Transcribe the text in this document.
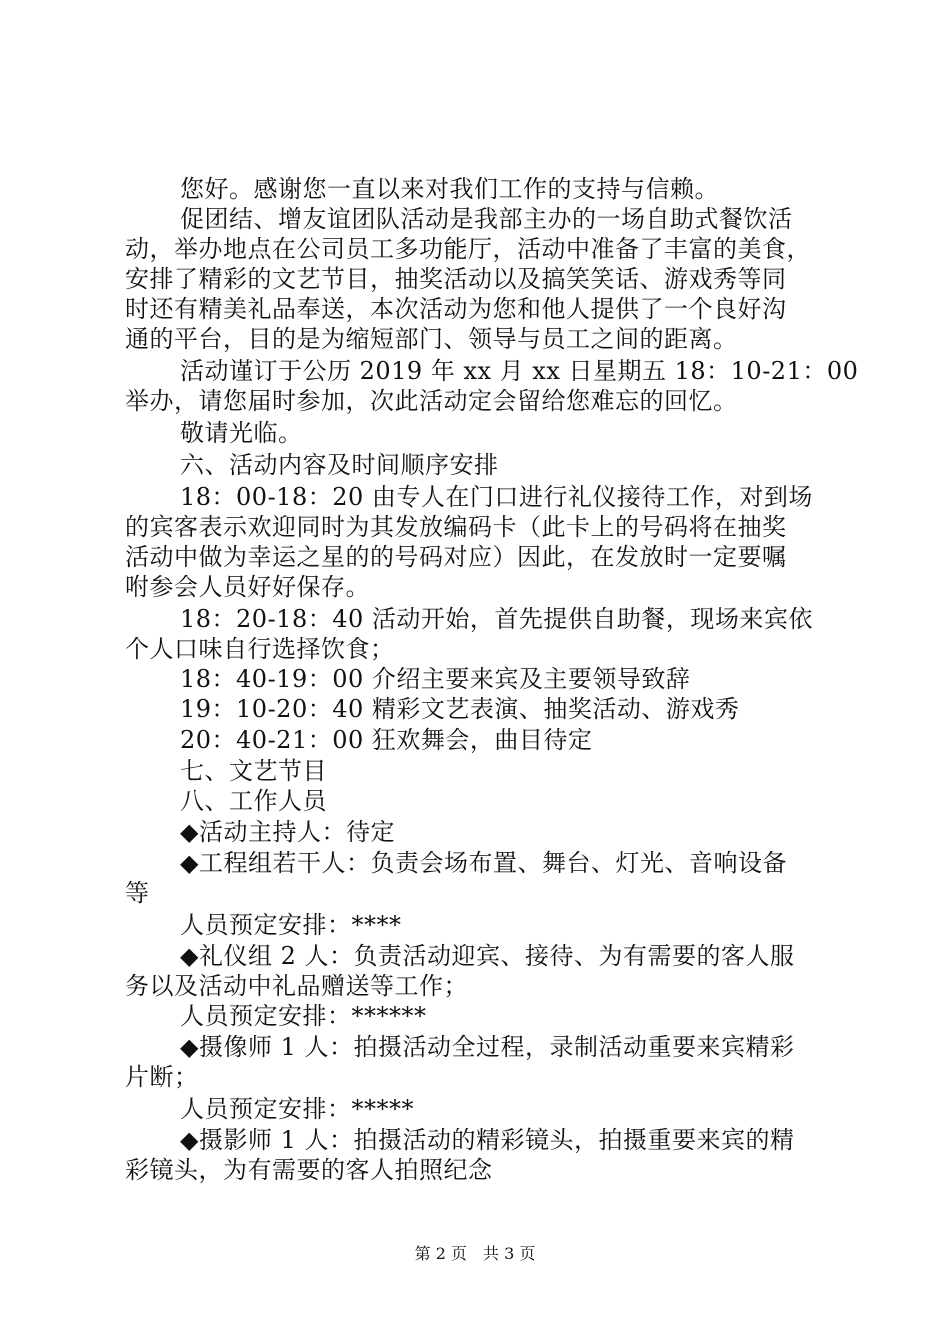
您好。感谢您一直以来对我们工作的支持与信赖。
促团结、增友谊团队活动是我部主办的一场自助式餐饮活
动，举办地点在公司员工多功能厅，活动中准备了丰富的美食，
安排了精彩的文艺节目，抽奖活动以及搞笑笑话、游戏秀等同
时还有精美礼品奉送，本次活动为您和他人提供了一个良好沟
通的平台，目的是为缩短部门、领导与员工之间的距离。
活动谨订于公历 2019 年 xx 月 xx 日星期五 18：10-21：00
举办，请您届时参加，次此活动定会留给您难忘的回忆。
敬请光临。
六、活动内容及时间顺序安排
18：00-18：20 由专人在门口进行礼仪接待工作，对到场
的宾客表示欢迎同时为其发放编码卡（此卡上的号码将在抽奖
活动中做为幸运之星的的号码对应）因此，在发放时一定要嘱
咐参会人员好好保存。
18：20-18：40 活动开始，首先提供自助餐，现场来宾依
个人口味自行选择饮食；
18：40-19：00 介绍主要来宾及主要领导致辞
19：10-20：40 精彩文艺表演、抽奖活动、游戏秀
20：40-21：00 狂欢舞会，曲目待定
七、文艺节目
八、工作人员
◆活动主持人：待定
◆工程组若干人：负责会场布置、舞台、灯光、音响设备
等
人员预定安排：****
◆礼仪组 2 人：负责活动迎宾、接待、为有需要的客人服
务以及活动中礼品赠送等工作；
人员预定安排：******
◆摄像师 1 人：拍摄活动全过程，录制活动重要来宾精彩
片断；
人员预定安排：*****
◆摄影师 1 人：拍摄活动的精彩镜头，拍摄重要来宾的精
彩镜头，为有需要的客人拍照纪念
第 2 页　共 3 页
